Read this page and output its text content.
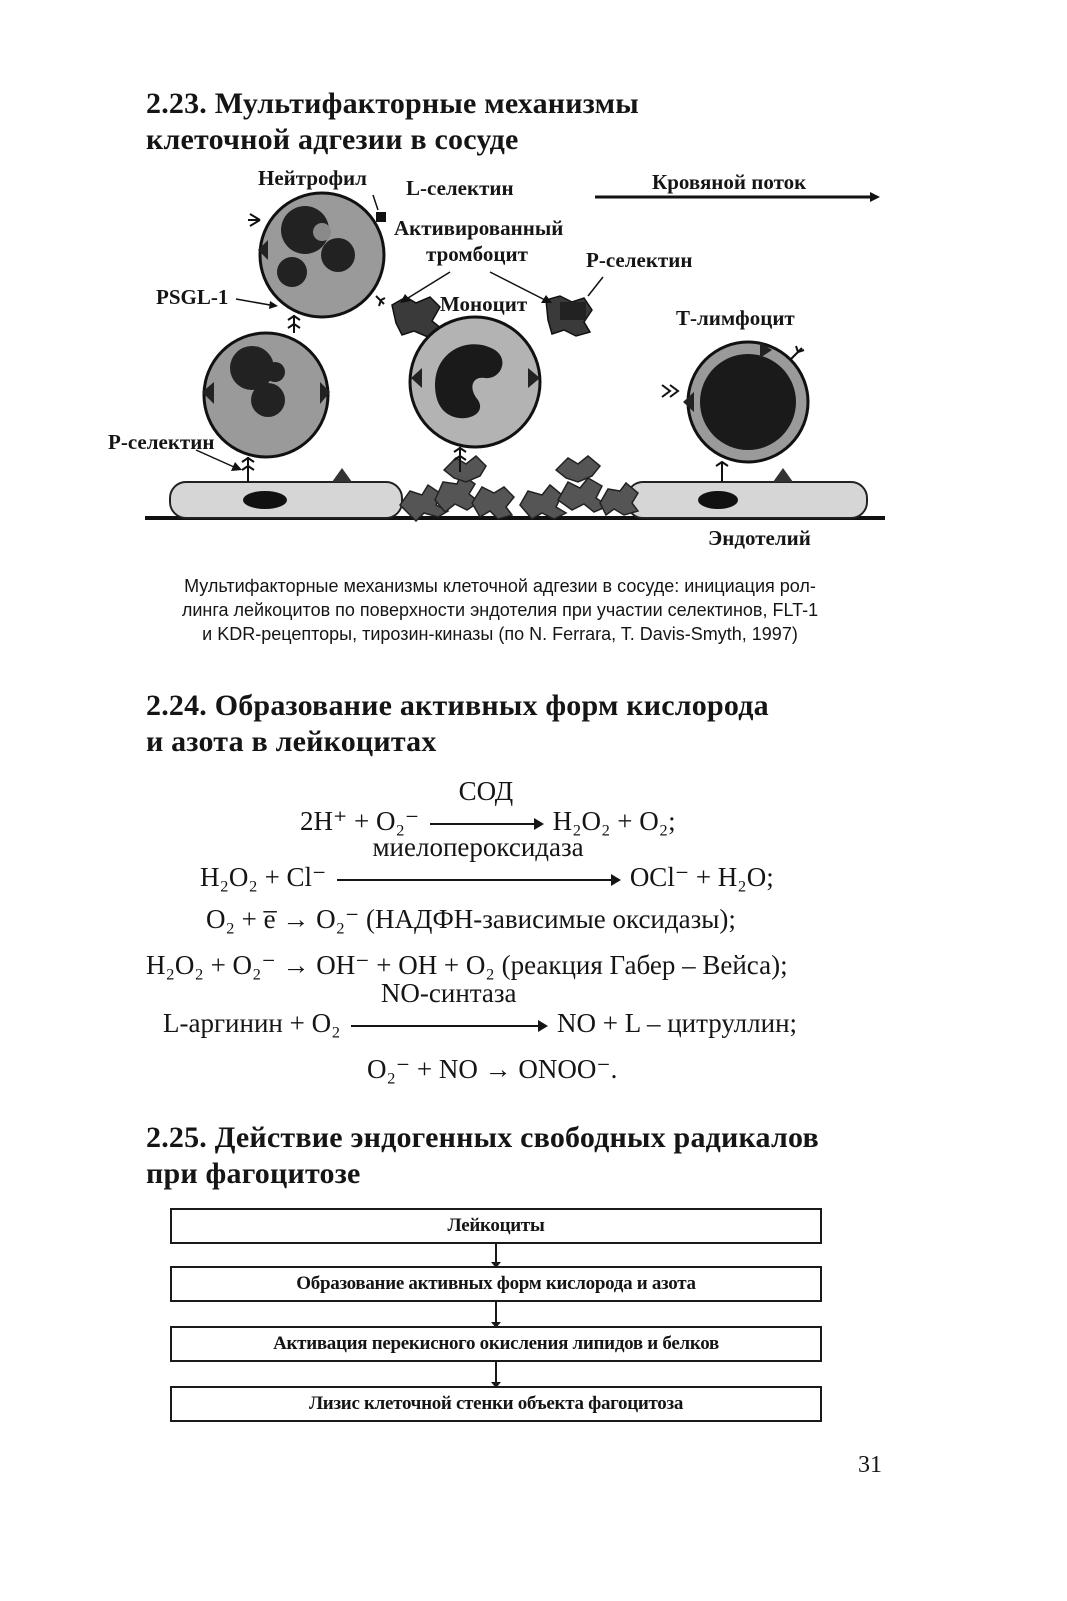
2.23. Мультифакторные механизмы
клеточной адгезии в сосуде
Нейтрофил L-селектин	Кровяной поток
Активированный
тромбоцит	Р-селектин
PSGL-1	Моноцит
Т-лимфоцит
Р-селектин
Эндотелий
Мультифакторные механизмы клеточной адгезии в сосуде: инициация рол-
линга лейкоцитов по поверхности эндотелия при участии селектинов, FLT-1
и KDR-рецепторы, тирозин-киназы (по N. Ferrara, T. Davis-Smyth, 1997)
2.24. Образование активных форм кислорода
и азота в лейкоцитах
2H⁺ + O₂⁻
СОД
H₂O₂ + O₂;
H₂O₂ + Cl⁻
миелопероксидаза
OCl⁻ + H₂O;
O₂ + e̅ → O₂⁻ (НАДФН-зависимые оксидазы);
H₂O₂ + O₂⁻ → OH⁻ + OH + O₂ (реакция Габер – Вейса);
L-аргинин + O₂
NO-синтаза
NO + L – цитруллин;
O₂⁻ + NO → ONOO⁻.
2.25. Действие эндогенных свободных радикалов
при фагоцитозе
Лейкоциты
Образование активных форм кислорода и азота
Активация перекисного окисления липидов и белков
Лизис клеточной стенки объекта фагоцитоза
31
